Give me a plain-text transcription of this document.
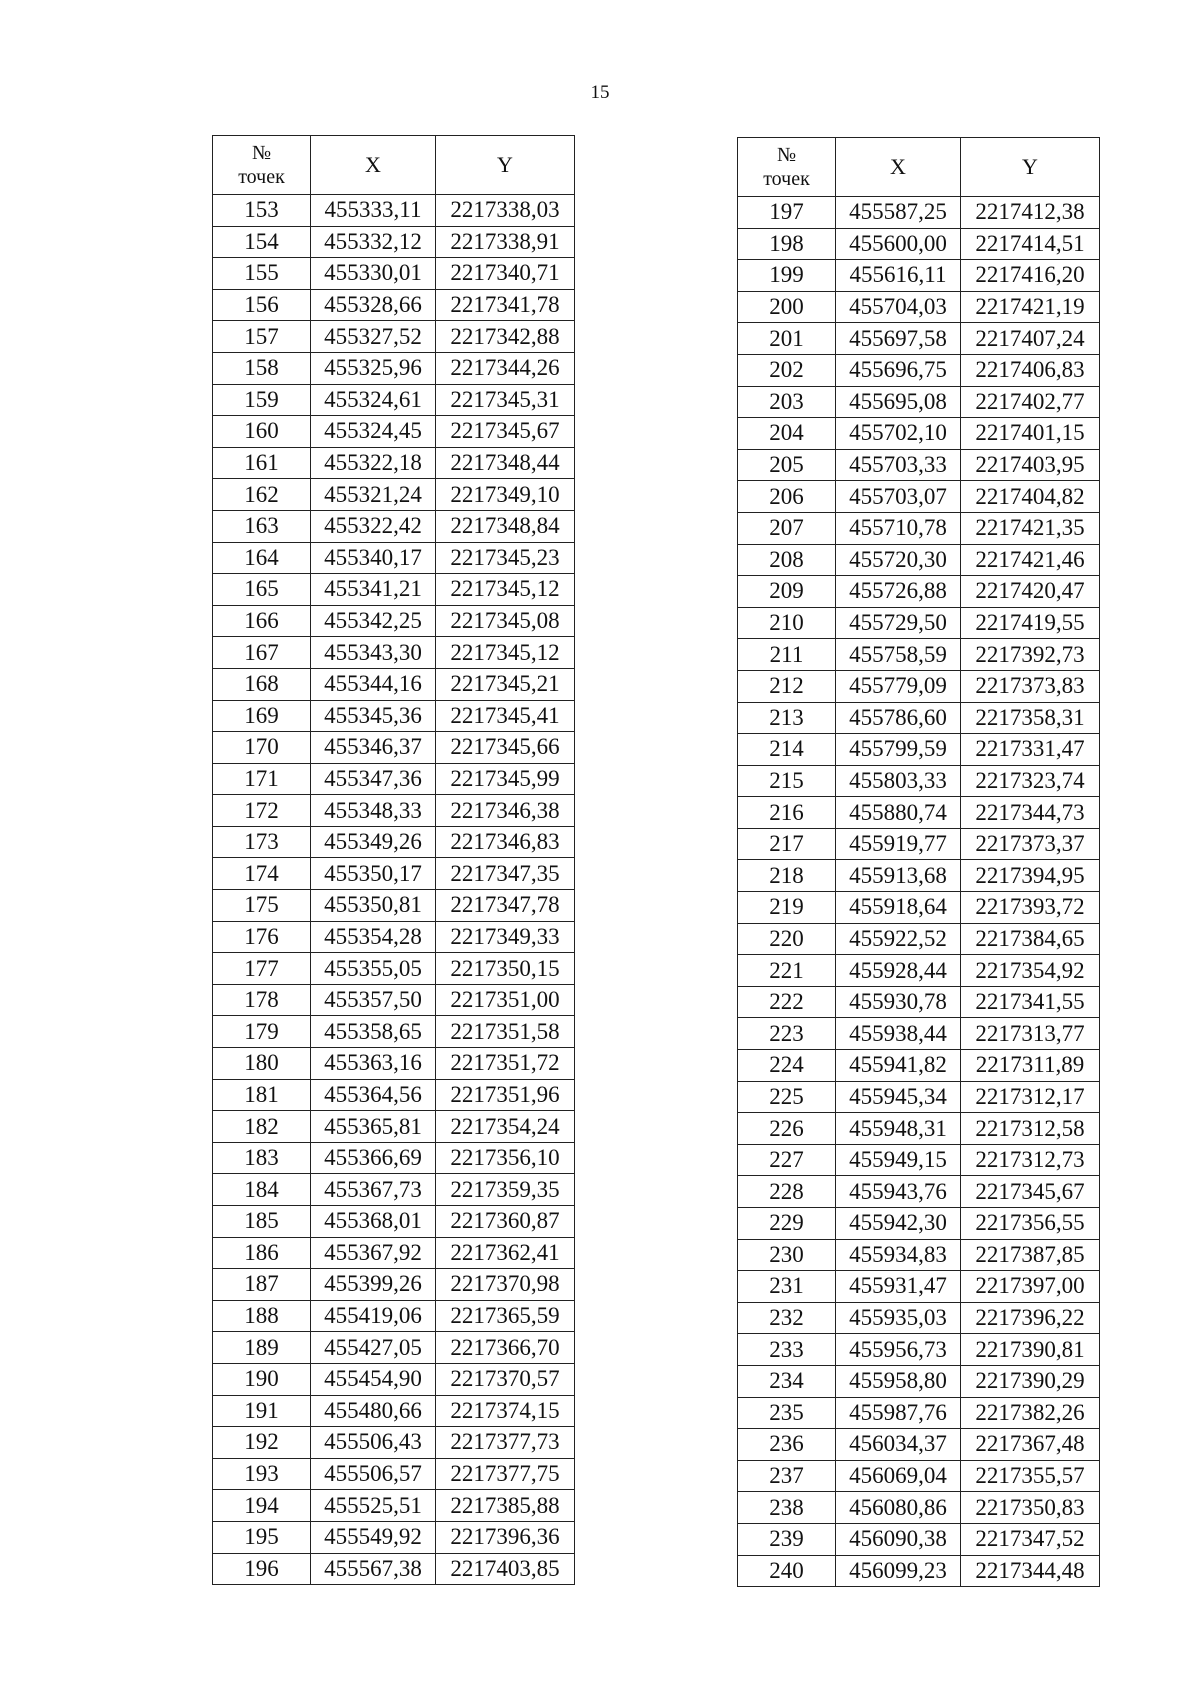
15
№
точек	X	Y
153	455333,11	2217338,03
154	455332,12	2217338,91
155	455330,01	2217340,71
156	455328,66	2217341,78
157	455327,52	2217342,88
158	455325,96	2217344,26
159	455324,61	2217345,31
160	455324,45	2217345,67
161	455322,18	2217348,44
162	455321,24	2217349,10
163	455322,42	2217348,84
164	455340,17	2217345,23
165	455341,21	2217345,12
166	455342,25	2217345,08
167	455343,30	2217345,12
168	455344,16	2217345,21
169	455345,36	2217345,41
170	455346,37	2217345,66
171	455347,36	2217345,99
172	455348,33	2217346,38
173	455349,26	2217346,83
174	455350,17	2217347,35
175	455350,81	2217347,78
176	455354,28	2217349,33
177	455355,05	2217350,15
178	455357,50	2217351,00
179	455358,65	2217351,58
180	455363,16	2217351,72
181	455364,56	2217351,96
182	455365,81	2217354,24
183	455366,69	2217356,10
184	455367,73	2217359,35
185	455368,01	2217360,87
186	455367,92	2217362,41
187	455399,26	2217370,98
188	455419,06	2217365,59
189	455427,05	2217366,70
190	455454,90	2217370,57
191	455480,66	2217374,15
192	455506,43	2217377,73
193	455506,57	2217377,75
194	455525,51	2217385,88
195	455549,92	2217396,36
196	455567,38	2217403,85
№
точек	X	Y
197	455587,25	2217412,38
198	455600,00	2217414,51
199	455616,11	2217416,20
200	455704,03	2217421,19
201	455697,58	2217407,24
202	455696,75	2217406,83
203	455695,08	2217402,77
204	455702,10	2217401,15
205	455703,33	2217403,95
206	455703,07	2217404,82
207	455710,78	2217421,35
208	455720,30	2217421,46
209	455726,88	2217420,47
210	455729,50	2217419,55
211	455758,59	2217392,73
212	455779,09	2217373,83
213	455786,60	2217358,31
214	455799,59	2217331,47
215	455803,33	2217323,74
216	455880,74	2217344,73
217	455919,77	2217373,37
218	455913,68	2217394,95
219	455918,64	2217393,72
220	455922,52	2217384,65
221	455928,44	2217354,92
222	455930,78	2217341,55
223	455938,44	2217313,77
224	455941,82	2217311,89
225	455945,34	2217312,17
226	455948,31	2217312,58
227	455949,15	2217312,73
228	455943,76	2217345,67
229	455942,30	2217356,55
230	455934,83	2217387,85
231	455931,47	2217397,00
232	455935,03	2217396,22
233	455956,73	2217390,81
234	455958,80	2217390,29
235	455987,76	2217382,26
236	456034,37	2217367,48
237	456069,04	2217355,57
238	456080,86	2217350,83
239	456090,38	2217347,52
240	456099,23	2217344,48
